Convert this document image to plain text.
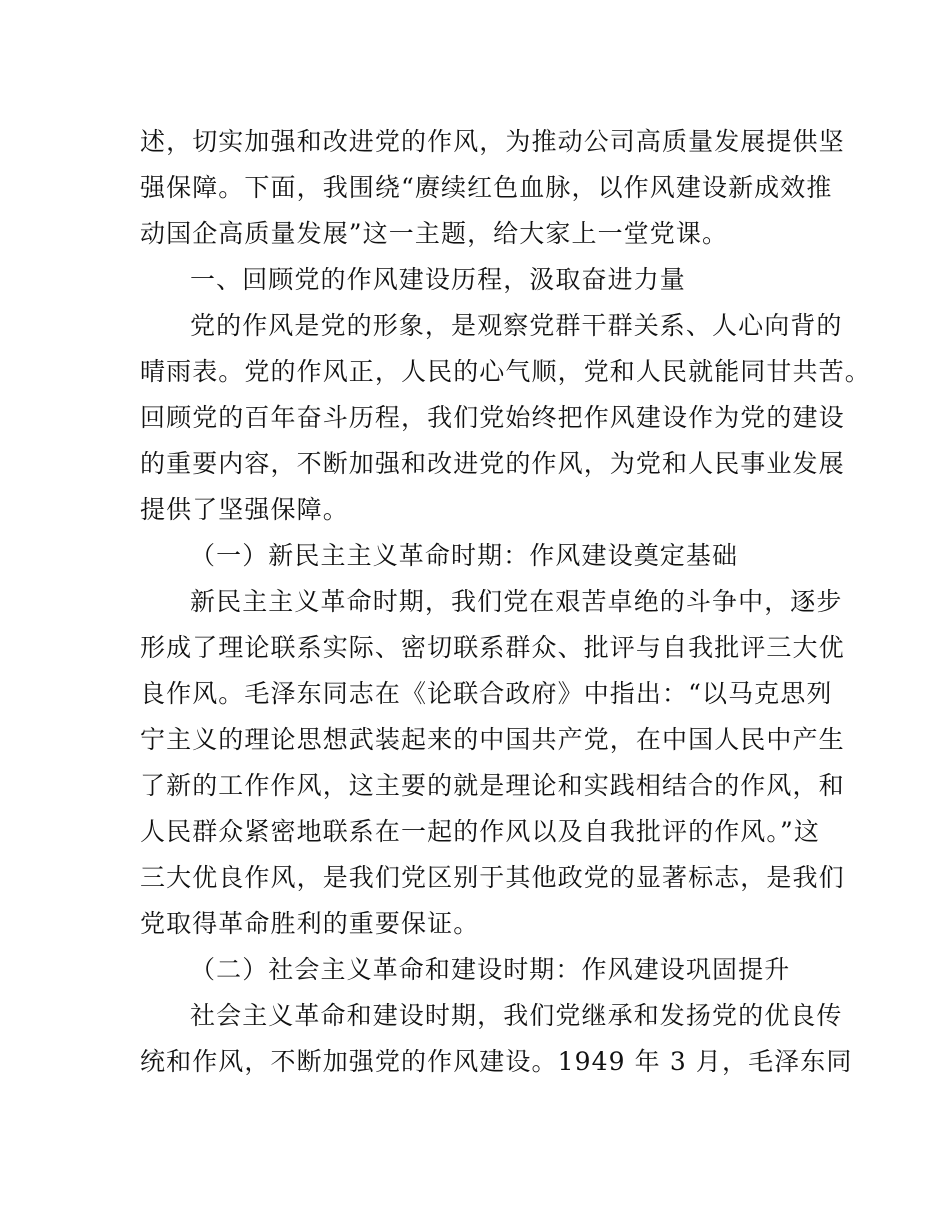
述，切实加强和改进党的作风，为推动公司高质量发展提供坚
强保障。下面，我围绕“赓续红色血脉，以作风建设新成效推
动国企高质量发展”这一主题，给大家上一堂党课。
一、回顾党的作风建设历程，汲取奋进力量
党的作风是党的形象，是观察党群干群关系、人心向背的
晴雨表。党的作风正，人民的心气顺，党和人民就能同甘共苦。
回顾党的百年奋斗历程，我们党始终把作风建设作为党的建设
的重要内容，不断加强和改进党的作风，为党和人民事业发展
提供了坚强保障。
（一）新民主主义革命时期：作风建设奠定基础
新民主主义革命时期，我们党在艰苦卓绝的斗争中，逐步
形成了理论联系实际、密切联系群众、批评与自我批评三大优
良作风。毛泽东同志在《论联合政府》中指出：“以马克思列
宁主义的理论思想武装起来的中国共产党，在中国人民中产生
了新的工作作风，这主要的就是理论和实践相结合的作风，和
人民群众紧密地联系在一起的作风以及自我批评的作风。”这
三大优良作风，是我们党区别于其他政党的显著标志，是我们
党取得革命胜利的重要保证。
（二）社会主义革命和建设时期：作风建设巩固提升
社会主义革命和建设时期，我们党继承和发扬党的优良传
统和作风，不断加强党的作风建设。1949 年 3 月，毛泽东同
